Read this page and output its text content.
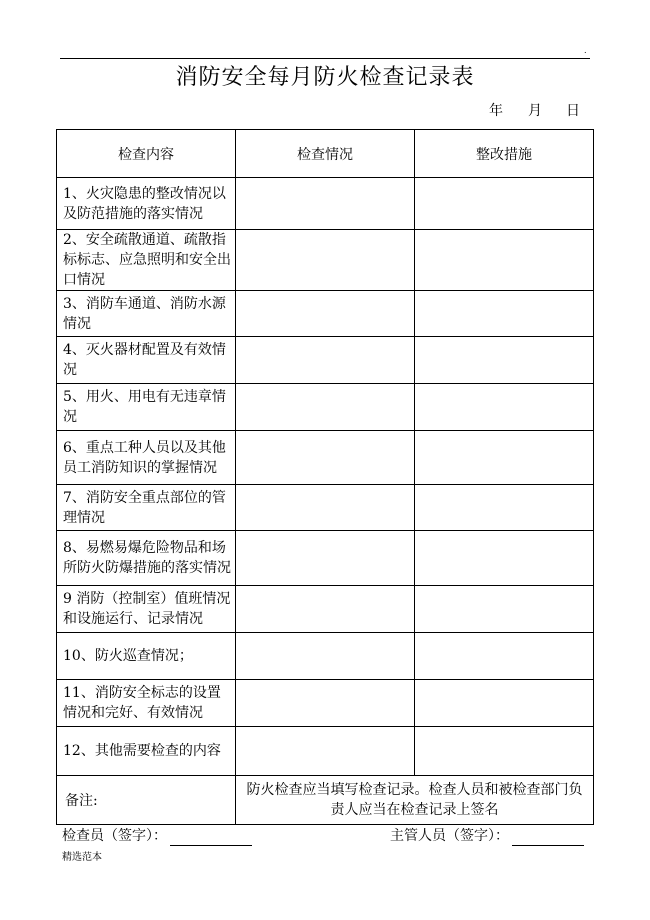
.
消防安全每月防火检查记录表
年 月 日
检查内容	检查情况	整改措施

1、火灾隐患的整改情况以及防范措施的落实情况		

2、安全疏散通道、疏散指标标志、应急照明和安全出口情况		

3、消防车通道、消防水源情况		

4、灭火器材配置及有效情况		

5、用火、用电有无违章情况		

6、重点工种人员以及其他员工消防知识的掌握情况		

7、消防安全重点部位的管理情况		

8、易燃易爆危险物品和场所防火防爆措施的落实情况		

9 消防（控制室）值班情况和设施运行、记录情况		

10、防火巡查情况；		

11、消防安全标志的设置情况和完好、有效情况		

12、其他需要检查的内容		

备注:	防火检查应当填写检查记录。检查人员和被检查部门负责人应当在检查记录上签名	
检查员（签字）：	主管人员（签字）：
精选范本
